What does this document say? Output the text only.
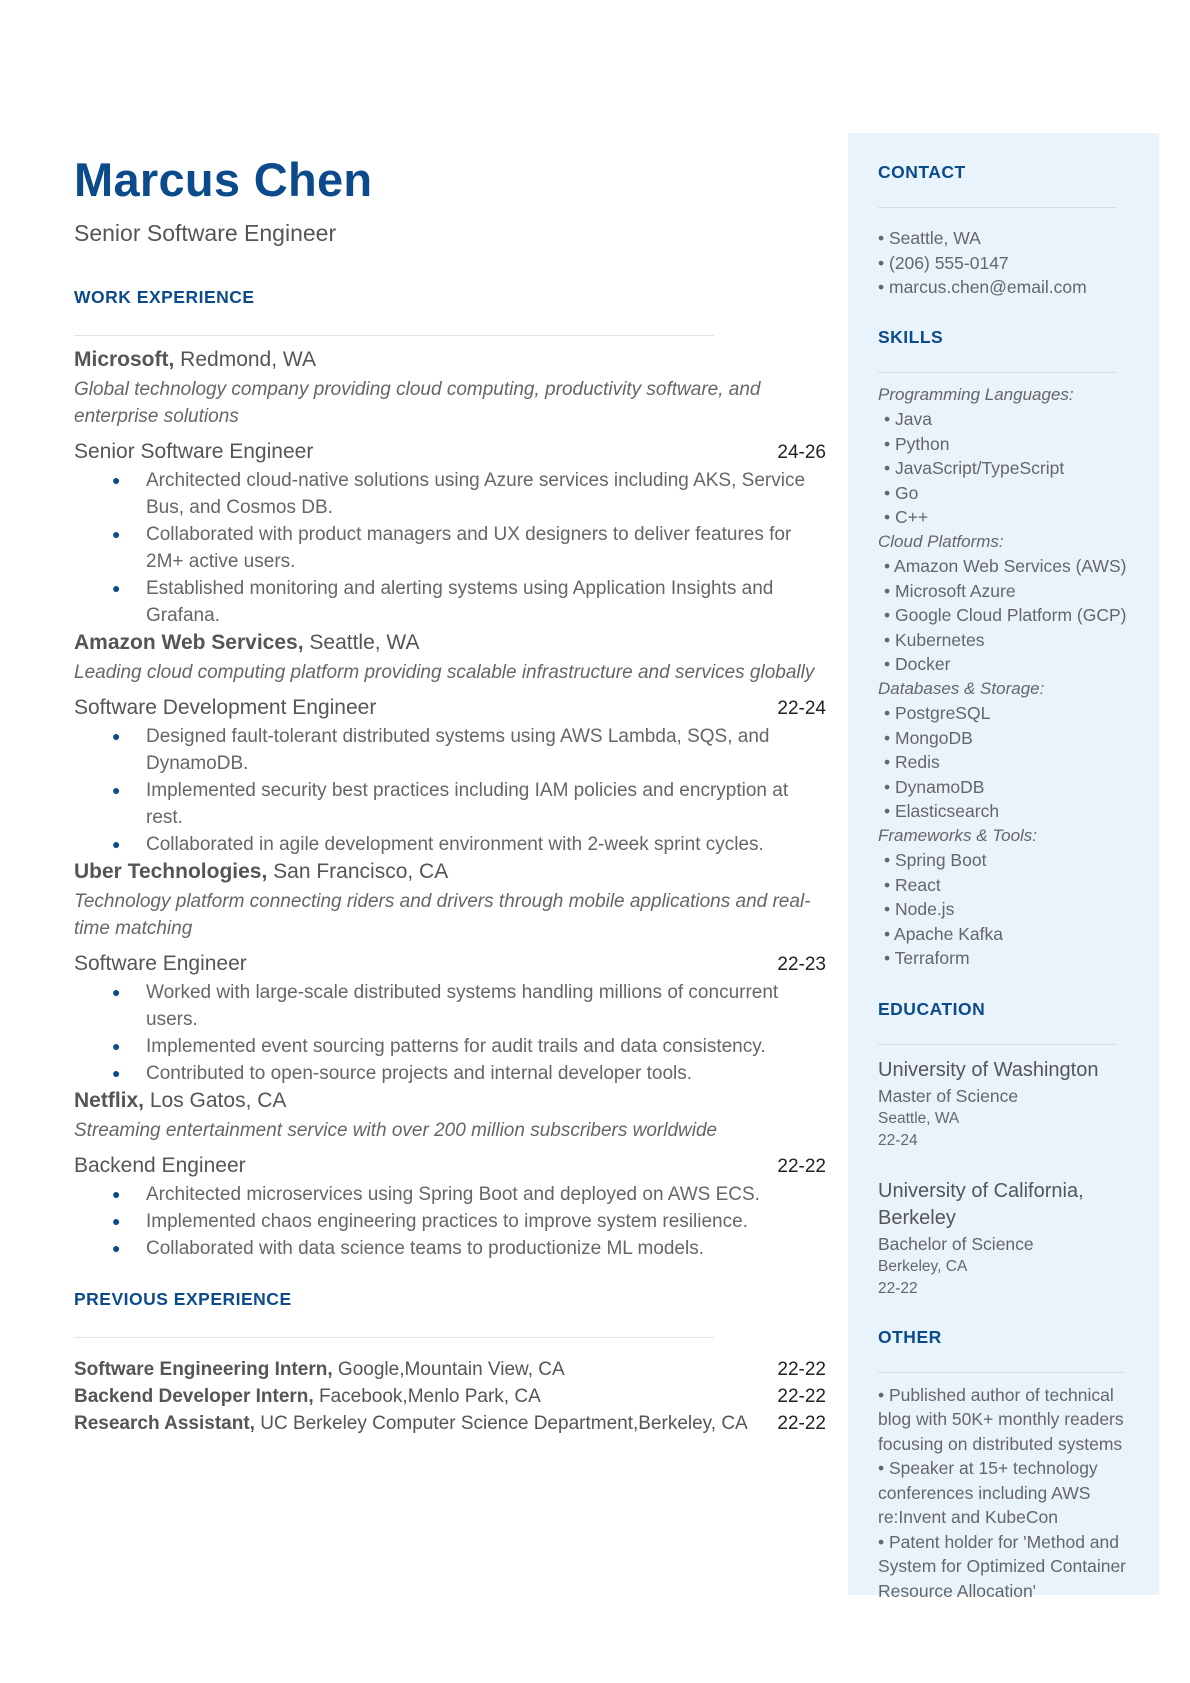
Marcus Chen
Senior Software Engineer
WORK EXPERIENCE
Microsoft, Redmond, WA
Global technology company providing cloud computing, productivity software, and enterprise solutions
Senior Software Engineer	24-26
● Architected cloud-native solutions using Azure services including AKS, Service Bus, and Cosmos DB.
● Collaborated with product managers and UX designers to deliver features for 2M+ active users.
● Established monitoring and alerting systems using Application Insights and Grafana.
Amazon Web Services, Seattle, WA
Leading cloud computing platform providing scalable infrastructure and services globally
Software Development Engineer	22-24
● Designed fault-tolerant distributed systems using AWS Lambda, SQS, and DynamoDB.
● Implemented security best practices including IAM policies and encryption at rest.
● Collaborated in agile development environment with 2-week sprint cycles.
Uber Technologies, San Francisco, CA
Technology platform connecting riders and drivers through mobile applications and real-time matching
Software Engineer	22-23
● Worked with large-scale distributed systems handling millions of concurrent users.
● Implemented event sourcing patterns for audit trails and data consistency.
● Contributed to open-source projects and internal developer tools.
Netflix, Los Gatos, CA
Streaming entertainment service with over 200 million subscribers worldwide
Backend Engineer	22-22
● Architected microservices using Spring Boot and deployed on AWS ECS.
● Implemented chaos engineering practices to improve system resilience.
● Collaborated with data science teams to productionize ML models.
PREVIOUS EXPERIENCE
Software Engineering Intern, Google,Mountain View, CA	22-22
Backend Developer Intern, Facebook,Menlo Park, CA	22-22
Research Assistant, UC Berkeley Computer Science Department,Berkeley, CA 22-22
CONTACT
• Seattle, WA
• (206) 555-0147
• marcus.chen@email.com
SKILLS
Programming Languages:
• Java
• Python
• JavaScript/TypeScript
• Go
• C++
Cloud Platforms:
• Amazon Web Services (AWS)
• Microsoft Azure
• Google Cloud Platform (GCP)
• Kubernetes
• Docker
Databases & Storage:
• PostgreSQL
• MongoDB
• Redis
• DynamoDB
• Elasticsearch
Frameworks & Tools:
• Spring Boot
• React
• Node.js
• Apache Kafka
• Terraform
EDUCATION
University of Washington
Master of Science
Seattle, WA
22-24
University of California, Berkeley
Bachelor of Science
Berkeley, CA
22-22
OTHER
• Published author of technical blog with 50K+ monthly readers focusing on distributed systems
• Speaker at 15+ technology conferences including AWS re:Invent and KubeCon
• Patent holder for 'Method and System for Optimized Container Resource Allocation'
